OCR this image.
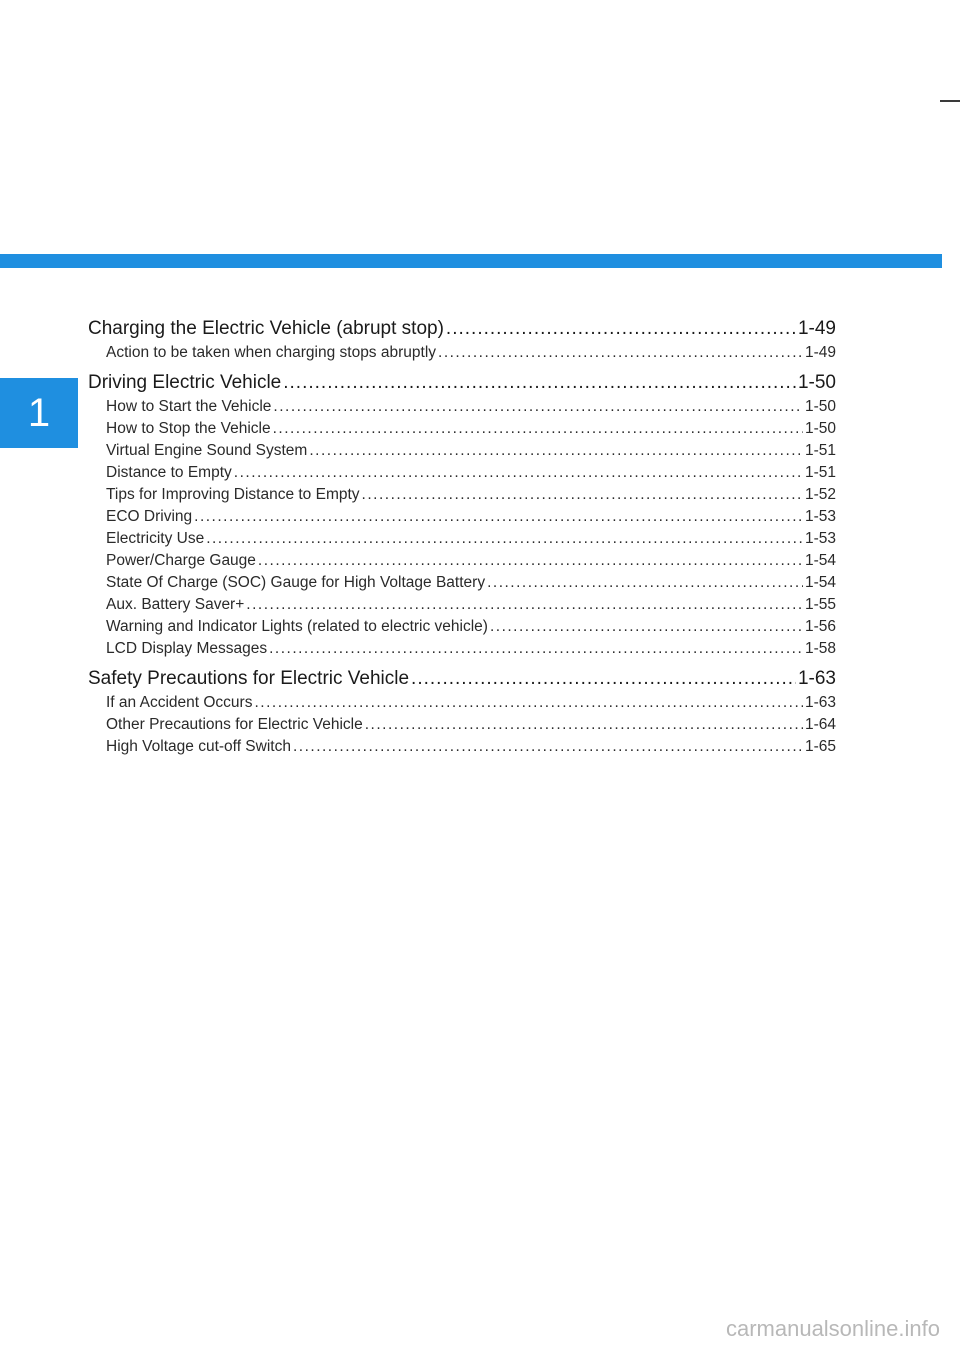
1
Charging the Electric Vehicle (abrupt stop) .....	1-49
Action to be taken when charging stops abruptly .....	1-49
Driving Electric Vehicle .....	1-50
How to Start the Vehicle .....	1-50
How to Stop the Vehicle .....	1-50
Virtual Engine Sound System .....	1-51
Distance to Empty .....	1-51
Tips for Improving Distance to Empty .....	1-52
ECO Driving .....	1-53
Electricity Use .....	1-53
Power/Charge Gauge .....	1-54
State Of Charge (SOC) Gauge for High Voltage Battery .....	1-54
Aux. Battery Saver+ .....	1-55
Warning and Indicator Lights (related to electric vehicle) .....	1-56
LCD Display Messages .....	1-58
Safety Precautions for Electric Vehicle .....	1-63
If an Accident Occurs .....	1-63
Other Precautions for Electric Vehicle .....	1-64
High Voltage cut-off Switch .....	1-65
carmanualsonline.info
